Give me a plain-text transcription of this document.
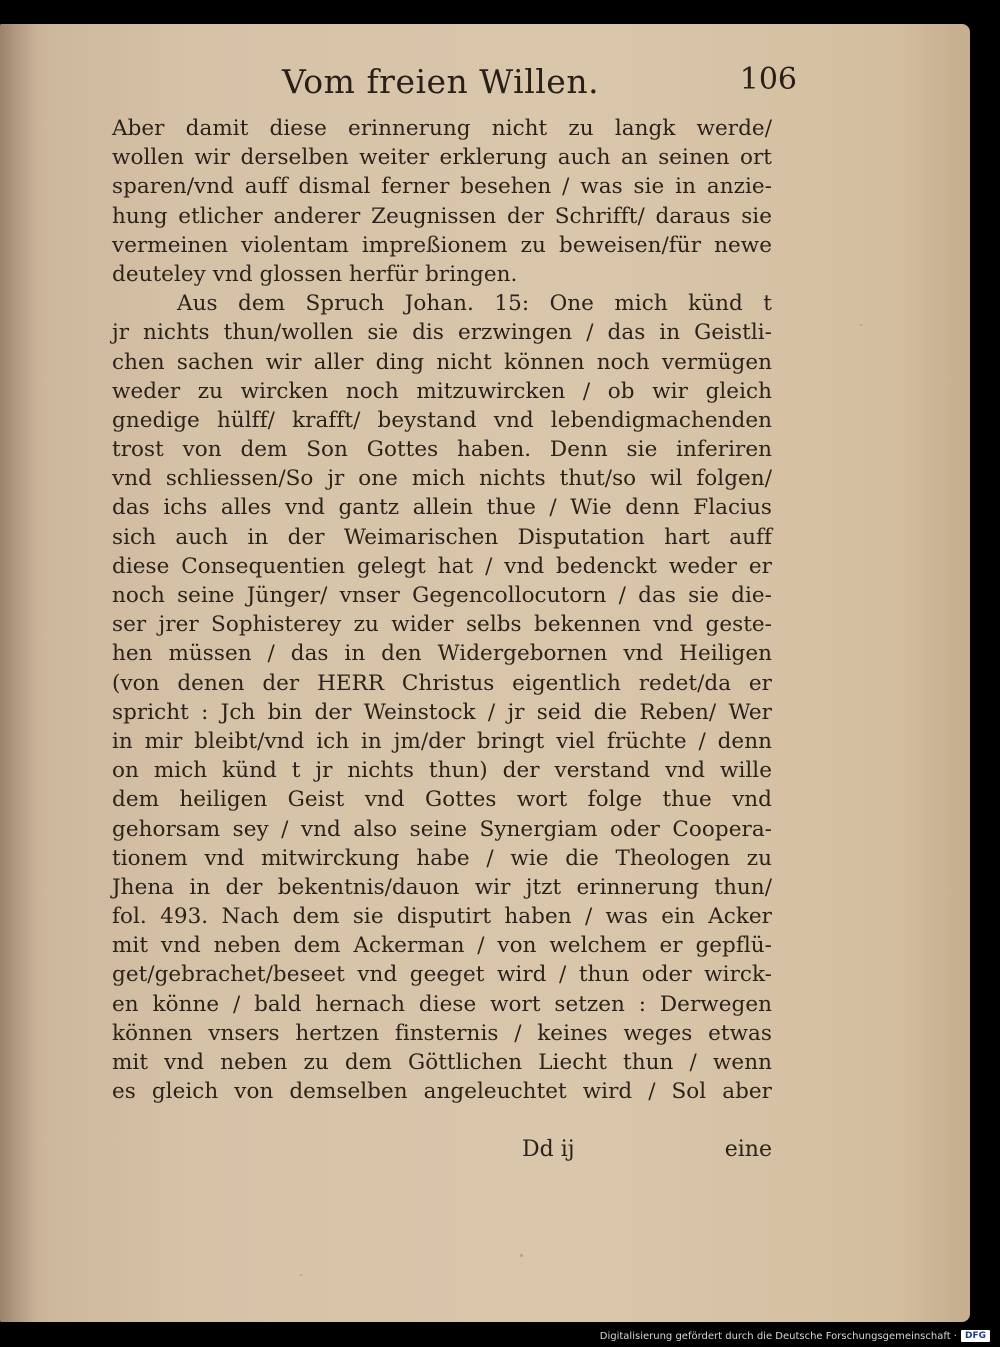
Vom freien Willen.	106
Aber damit diese erinnerung nicht zu langk werde/
wollen wir derselben weiter erklerung auch an seinen ort
sparen/vnd auff dismal ferner besehen / was sie in anzie-
hung etlicher anderer Zeugnissen der Schrifft/ daraus sie
vermeinen violentam impreßionem zu beweisen/für newe
deuteley vnd glossen herfür bringen.
Aus dem Spruch Johan. 15: One mich künd t
jr nichts thun/wollen sie dis erzwingen / das in Geistli-
chen sachen wir aller ding nicht können noch vermügen
weder zu wircken noch mitzuwircken / ob wir gleich
gnedige hülff/ krafft/ beystand vnd lebendigmachenden
trost von dem Son Gottes haben. Denn sie inferiren
vnd schliessen/So jr one mich nichts thut/so wil folgen/
das ichs alles vnd gantz allein thue / Wie denn Flacius
sich auch in der Weimarischen Disputation hart auff
diese Consequentien gelegt hat / vnd bedenckt weder er
noch seine Jünger/ vnser Gegencollocutorn / das sie die-
ser jrer Sophisterey zu wider selbs bekennen vnd geste-
hen müssen / das in den Widergebornen vnd Heiligen
(von denen der HERR Christus eigentlich redet/da er
spricht : Jch bin der Weinstock / jr seid die Reben/ Wer
in mir bleibt/vnd ich in jm/der bringt viel früchte / denn
on mich künd t jr nichts thun) der verstand vnd wille
dem heiligen Geist vnd Gottes wort folge thue vnd
gehorsam sey / vnd also seine Synergiam oder Coopera-
tionem vnd mitwirckung habe / wie die Theologen zu
Jhena in der bekentnis/dauon wir jtzt erinnerung thun/
fol. 493. Nach dem sie disputirt haben / was ein Acker
mit vnd neben dem Ackerman / von welchem er gepflü-
get/gebrachet/beseet vnd geeget wird / thun oder wirck-
en könne / bald hernach diese wort setzen : Derwegen
können vnsers hertzen finsternis / keines weges etwas
mit vnd neben zu dem Göttlichen Liecht thun / wenn
es gleich von demselben angeleuchtet wird / Sol aber
Dd ij	eine
Digitalisierung gefördert durch die Deutsche Forschungsgemeinschaft · DFG
